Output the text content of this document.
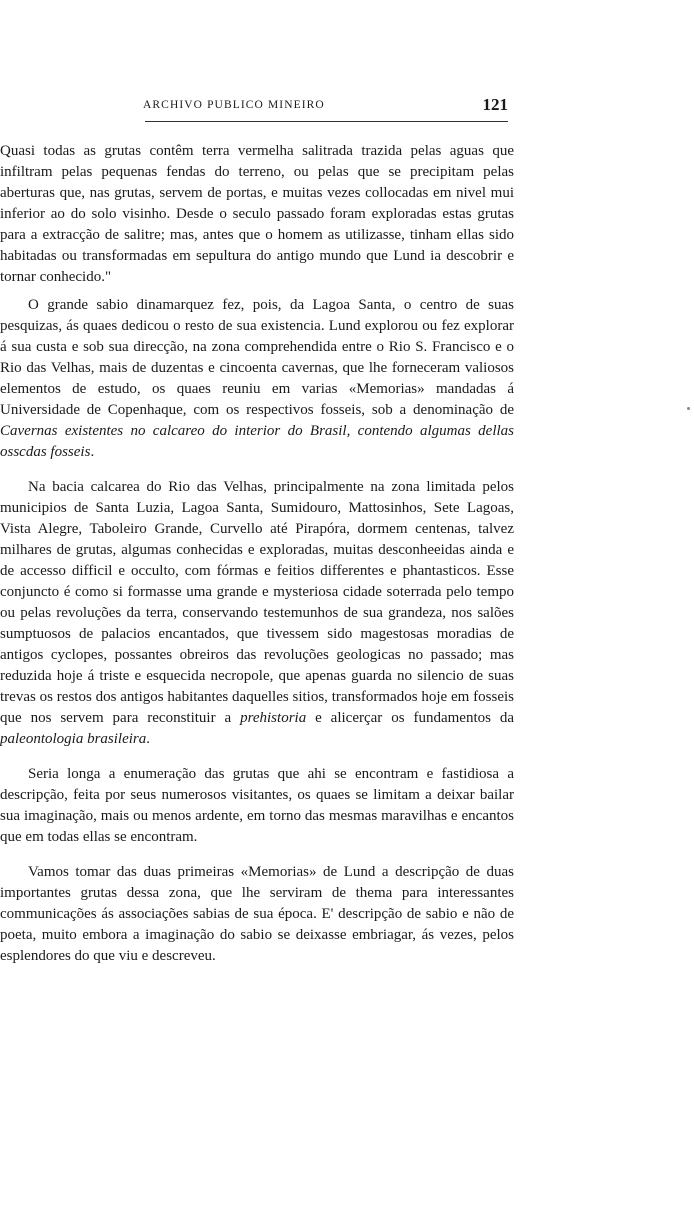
ARCHIVO PUBLICO MINEIRO	121

Quasi todas as grutas contêm terra vermelha salitrada trazida pelas aguas que infiltram pelas pequenas fendas do terreno, ou pelas que se precipitam pelas aberturas que, nas grutas, servem de portas, e muitas vezes collocadas em nivel mui inferior ao do solo visinho. Desde o seculo passado foram exploradas estas grutas para a extracção de salitre; mas, antes que o homem as utilizasse, tinham ellas sido habitadas ou transformadas em sepultura do antigo mundo que Lund ia descobrir e tornar conhecido."

O grande sabio dinamarquez fez, pois, da Lagoa Santa, o centro de suas pesquizas, ás quaes dedicou o resto de sua existencia. Lund explorou ou fez explorar á sua custa e sob sua direcção, na zona comprehendida entre o Rio S. Francisco e o Rio das Velhas, mais de duzentas e cincoenta cavernas, que lhe forneceram valiosos elementos de estudo, os quaes reuniu em varias «Memorias» mandadas á Universidade de Copenhaque, com os respectivos fosseis, sob a denominação de Cavernas existentes no calcareo do interior do Brasil, contendo algumas dellas osscdas fosseis.

Na bacia calcarea do Rio das Velhas, principalmente na zona limitada pelos municipios de Santa Luzia, Lagoa Santa, Sumidouro, Mattosinhos, Sete Lagoas, Vista Alegre, Taboleiro Grande, Curvello até Pirapóra, dormem centenas, talvez milhares de grutas, algumas conhecidas e exploradas, muitas desconheeidas ainda e de accesso difficil e occulto, com fórmas e feitios differentes e phantasticos. Esse conjuncto é como si formasse uma grande e mysteriosa cidade soterrada pelo tempo ou pelas revoluções da terra, conservando testemunhos de sua grandeza, nos salões sumptuosos de palacios encantados, que tivessem sido magestosas moradias de antigos cyclopes, possantes obreiros das revoluções geologicas no passado; mas reduzida hoje á triste e esquecida necropole, que apenas guarda no silencio de suas trevas os restos dos antigos habitantes daquelles sitios, transformados hoje em fosseis que nos servem para reconstituir a prehistoria e alicerçar os fundamentos da paleontologia brasileira.

Seria longa a enumeração das grutas que ahi se encontram e fastidiosa a descripção, feita por seus numerosos visitantes, os quaes se limitam a deixar bailar sua imaginação, mais ou menos ardente, em torno das mesmas maravilhas e encantos que em todas ellas se encontram.

Vamos tomar das duas primeiras «Memorias» de Lund a descripção de duas importantes grutas dessa zona, que lhe serviram de thema para interessantes communicações ás associações sabias de sua época. E' descripção de sabio e não de poeta, muito embora a imaginação do sabio se deixasse embriagar, ás vezes, pelos esplendores do que viu e descreveu.
